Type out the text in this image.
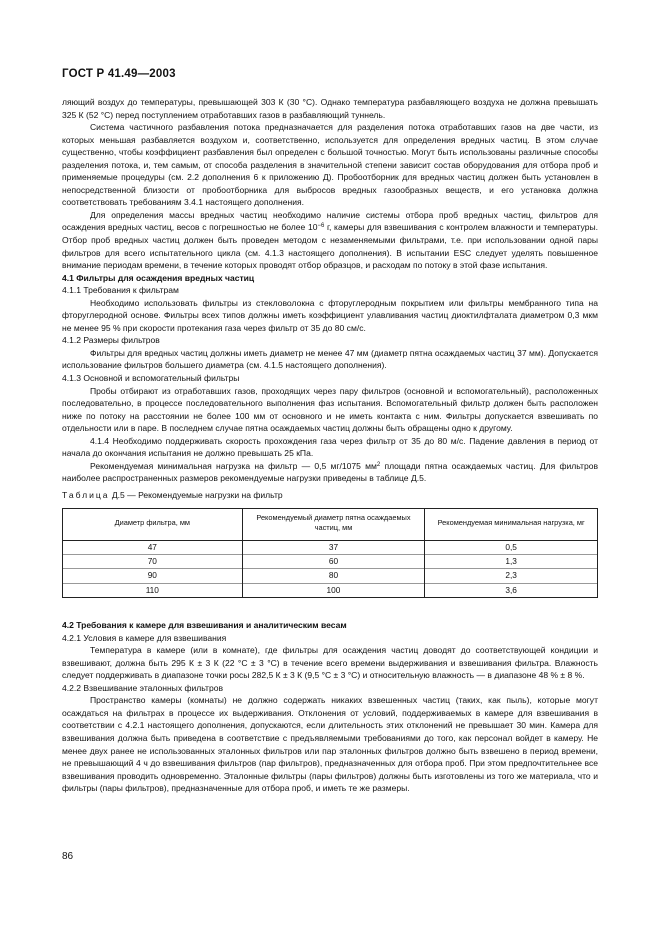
ГОСТ Р 41.49—2003

ляющий воздух до температуры, превышающей 303 К (30 °С). Однако температура разбавляющего воздуха не должна превышать 325 К (52 °С) перед поступлением отработавших газов в разбавляющий туннель.

Система частичного разбавления потока предназначается для разделения потока отработавших газов на две части, из которых меньшая разбавляется воздухом и, соответственно, используется для определения вредных частиц. В этом случае существенно, чтобы коэффициент разбавления был определен с большой точностью. Могут быть использованы различные способы разделения потока, и, тем самым, от способа разделения в значительной степени зависит состав оборудования для отбора проб и применяемые процедуры (см. 2.2 дополнения 6 к приложению Д). Пробоотборник для вредных частиц должен быть установлен в непосредственной близости от пробоотборника для выбросов вредных газообразных веществ, и его установка должна соответствовать требованиям 3.4.1 настоящего дополнения.

Для определения массы вредных частиц необходимо наличие системы отбора проб вредных частиц, фильтров для осаждения вредных частиц, весов с погрешностью не более $10^{-6}$ г, камеры для взвешивания с контролем влажности и температуры. Отбор проб вредных частиц должен быть проведен методом с незаменяемыми фильтрами, т.е. при использовании одной пары фильтров для всего испытательного цикла (см. 4.1.3 настоящего дополнения). В испытании ESC следует уделять повышенное внимание периодам времени, в течение которых проводят отбор образцов, и расходам по потоку в этой фазе испытания.

4.1 Фильтры для осаждения вредных частиц

4.1.1 Требования к фильтрам

Необходимо использовать фильтры из стекловолокна с фторуглеродным покрытием или фильтры мембранного типа на фторуглеродной основе. Фильтры всех типов должны иметь коэффициент улавливания частиц диоктилфталата диаметром 0,3 мкм не менее 95 % при скорости протекания газа через фильтр от 35 до 80 см/с.

4.1.2 Размеры фильтров

Фильтры для вредных частиц должны иметь диаметр не менее 47 мм (диаметр пятна осаждаемых частиц 37 мм). Допускается использование фильтров большего диаметра (см. 4.1.5 настоящего дополнения).

4.1.3 Основной и вспомогательный фильтры

Пробы отбирают из отработавших газов, проходящих через пару фильтров (основной и вспомогательный), расположенных последовательно, в процессе последовательного выполнения фаз испытания. Вспомогательный фильтр должен быть расположен ниже по потоку на расстоянии не более 100 мм от основного и не иметь контакта с ним. Фильтры допускается взвешивать по отдельности или в паре. В последнем случае пятна осаждаемых частиц должны быть обращены одно к другому.

4.1.4 Необходимо поддерживать скорость прохождения газа через фильтр от 35 до 80 м/с. Падение давления в период от начала до окончания испытания не должно превышать 25 кПа.

Рекомендуемая минимальная нагрузка на фильтр — 0,5 мг/1075 $мм^2$ площади пятна осаждаемых частиц. Для фильтров наиболее распространенных размеров рекомендуемые нагрузки приведены в таблице Д.5.

Таблица Д.5 — Рекомендуемые нагрузки на фильтр

Диаметр фильтра, мм	Рекомендуемый диаметр пятна осаждаемых частиц, мм	Рекомендуемая минимальная нагрузка, мг
47	37	0,5
70	60	1,3
90	80	2,3
110	100	3,6

4.2 Требования к камере для взвешивания и аналитическим весам

4.2.1 Условия в камере для взвешивания

Температура в камере (или в комнате), где фильтры для осаждения частиц доводят до соответствующей кондиции и взвешивают, должна быть 295 К ± 3 К (22 °С ± 3 °С) в течение всего времени выдерживания и взвешивания фильтра. Влажность следует поддерживать в диапазоне точки росы 282,5 К ± 3 К (9,5 °С ± 3 °С) и относительную влажность — в диапазоне 48 % ± 8 %.

4.2.2 Взвешивание эталонных фильтров

Пространство камеры (комнаты) не должно содержать никаких взвешенных частиц (таких, как пыль), которые могут осаждаться на фильтрах в процессе их выдерживания. Отклонения от условий, поддерживаемых в камере для взвешивания в соответствии с 4.2.1 настоящего дополнения, допускаются, если длительность этих отклонений не превышает 30 мин. Камера для взвешивания должна быть приведена в соответствие с предъявляемыми требованиями до того, как персонал войдет в камеру. Не менее двух ранее не использованных эталонных фильтров или пар эталонных фильтров должно быть взвешено в период времени, не превышающий 4 ч до взвешивания фильтров (пар фильтров), предназначенных для отбора проб. При этом предпочтительнее все взвешивания проводить одновременно. Эталонные фильтры (пары фильтров) должны быть изготовлены из того же материала, что и фильтры (пары фильтров), предназначенные для отбора проб, и иметь те же размеры.

86
